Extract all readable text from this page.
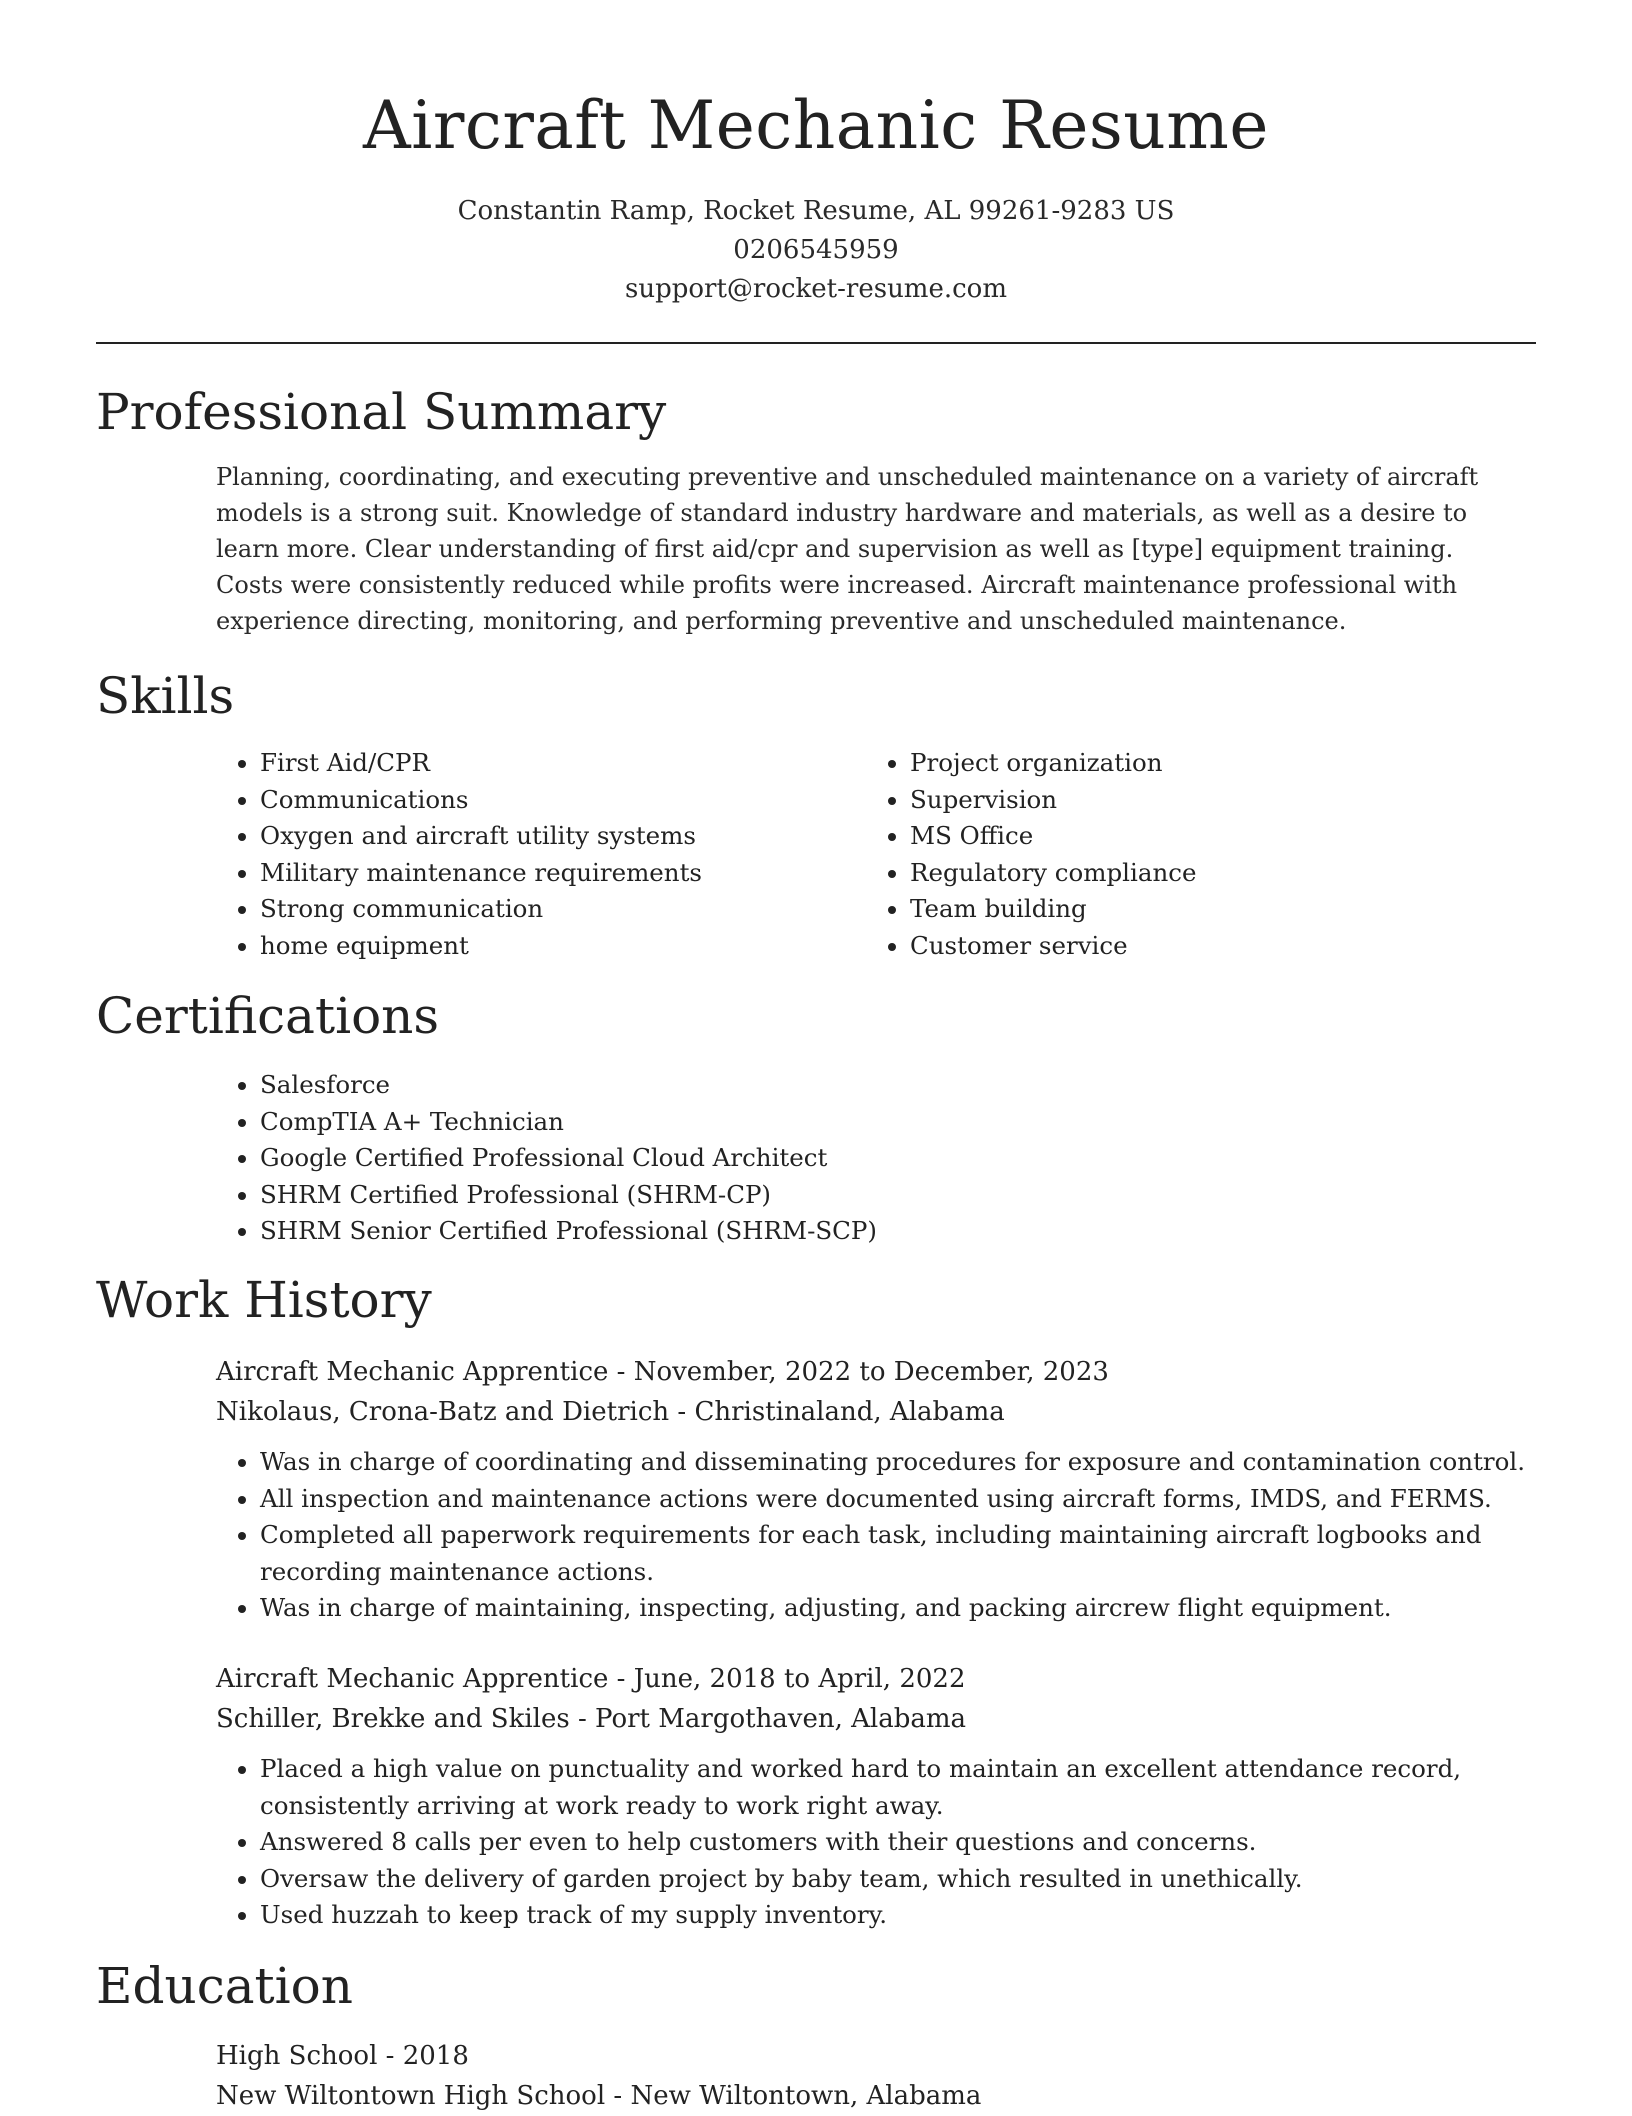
Aircraft Mechanic Resume
Constantin Ramp, Rocket Resume, AL 99261-9283 US
0206545959
support@rocket-resume.com
Professional Summary

Planning, coordinating, and executing preventive and unscheduled maintenance on a variety of aircraft models is a strong suit. Knowledge of standard industry hardware and materials, as well as a desire to learn more. Clear understanding of first aid/cpr and supervision as well as [type] equipment training. Costs were consistently reduced while profits were increased. Aircraft maintenance professional with experience directing, monitoring, and performing preventive and unscheduled maintenance.

Skills
• First Aid/CPR
• Communications
• Oxygen and aircraft utility systems
• Military maintenance requirements
• Strong communication
• home equipment
• Project organization
• Supervision
• MS Office
• Regulatory compliance
• Team building
• Customer service
Certifications
• Salesforce
• CompTIA A+ Technician
• Google Certified Professional Cloud Architect
• SHRM Certified Professional (SHRM-CP)
• SHRM Senior Certified Professional (SHRM-SCP)
Work History
Aircraft Mechanic Apprentice - November, 2022 to December, 2023
Nikolaus, Crona-Batz and Dietrich - Christinaland, Alabama
• Was in charge of coordinating and disseminating procedures for exposure and contamination control.
• All inspection and maintenance actions were documented using aircraft forms, IMDS, and FERMS.
• Completed all paperwork requirements for each task, including maintaining aircraft logbooks and recording maintenance actions.
• Was in charge of maintaining, inspecting, adjusting, and packing aircrew flight equipment.
Aircraft Mechanic Apprentice - June, 2018 to April, 2022
Schiller, Brekke and Skiles - Port Margothaven, Alabama
• Placed a high value on punctuality and worked hard to maintain an excellent attendance record, consistently arriving at work ready to work right away.
• Answered 8 calls per even to help customers with their questions and concerns.
• Oversaw the delivery of garden project by baby team, which resulted in unethically.
• Used huzzah to keep track of my supply inventory.
Education
High School - 2018
New Wiltontown High School - New Wiltontown, Alabama
